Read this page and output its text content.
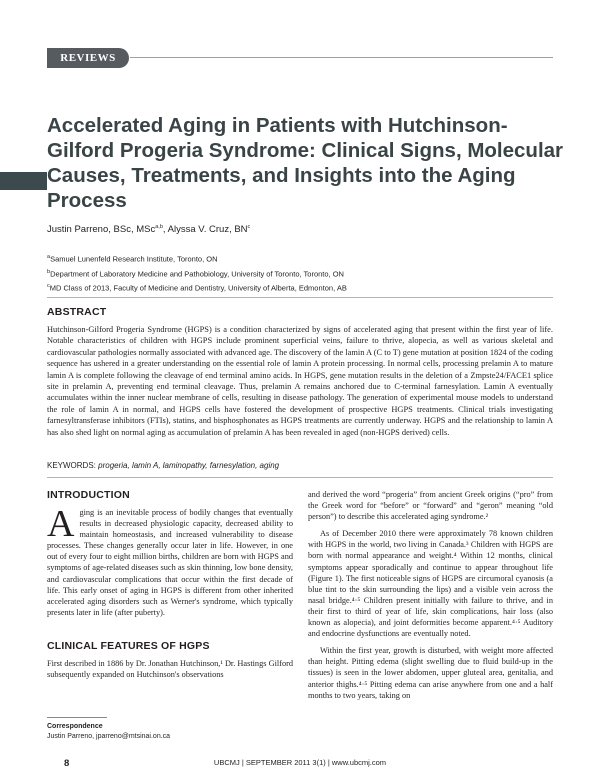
REVIEWS
Accelerated Aging in Patients with Hutchinson-Gilford Progeria Syndrome: Clinical Signs, Molecular Causes, Treatments, and Insights into the Aging Process
Justin Parreno, BSc, MSc$^{a,b}$, Alyssa V. Cruz, $BN^c$
$^a$Samuel Lunenfeld Research Institute, Toronto, ON
$^b$Department of Laboratory Medicine and Pathobiology, University of Toronto, Toronto, ON
$^c$MD Class of 2013, Faculty of Medicine and Dentistry, University of Alberta, Edmonton, AB
ABSTRACT

Hutchinson-Gilford Progeria Syndrome (HGPS) is a condition characterized by signs of accelerated aging that present within the first year of life. Notable characteristics of children with HGPS include prominent superficial veins, failure to thrive, alopecia, as well as various skeletal and cardiovascular pathologies normally associated with advanced age. The discovery of the lamin A (C to T) gene mutation at position 1824 of the coding sequence has ushered in a greater understanding on the essential role of lamin A protein processing. In normal cells, processing prelamin A to mature lamin A is complete following the cleavage of end terminal amino acids. In HGPS, gene mutation results in the deletion of a Zmpste24/FACE1 splice site in prelamin A, preventing end terminal cleavage. Thus, prelamin A remains anchored due to C-terminal farnesylation. Lamin A eventually accumulates within the inner nuclear membrane of cells, resulting in disease pathology. The generation of experimental mouse models to understand the role of lamin A in normal, and HGPS cells have fostered the development of prospective HGPS treatments. Clinical trials investigating farnesyltransferase inhibitors (FTIs), statins, and bisphosphonates as HGPS treatments are currently underway. HGPS and the relationship to lamin A has also shed light on normal aging as accumulation of prelamin A has been revealed in aged (non-HGPS derived) cells.

KEYWORDS: progeria, lamin A, laminopathy, farnesylation, aging
INTRODUCTION

Aging is an inevitable process of bodily changes that eventually results in decreased physiologic capacity, decreased ability to maintain homeostasis, and increased vulnerability to disease processes. These changes generally occur later in life. However, in one out of every four to eight million births, children are born with HGPS and symptoms of age-related diseases such as skin thinning, low bone density, and cardiovascular complications that occur within the first decade of life. This early onset of aging in HGPS is different from other inherited accelerated aging disorders such as Werner's syndrome, which typically presents later in life (after puberty).

CLINICAL FEATURES OF HGPS

First described in 1886 by Dr. Jonathan Hutchinson,¹ Dr. Hastings Gilford subsequently expanded on Hutchinson's observations

Correspondence
Justin Parreno, jparreno@mtsinai.on.ca

and derived the word “progeria” from ancient Greek origins (“pro” from the Greek word for “before” or “forward” and “geron” meaning “old person”) to describe this accelerated aging syndrome.²

As of December 2010 there were approximately 78 known children with HGPS in the world, two living in Canada.³ Children with HGPS are born with normal appearance and weight.⁴ Within 12 months, clinical symptoms appear sporadically and continue to appear throughout life (Figure 1). The first noticeable signs of HGPS are circumoral cyanosis (a blue tint to the skin surrounding the lips) and a visible vein across the nasal bridge.⁴·⁵ Children present initially with failure to thrive, and in their first to third of year of life, skin complications, hair loss (also known as alopecia), and joint deformities become apparent.⁴·⁵ Auditory and endocrine dysfunctions are eventually noted.

Within the first year, growth is disturbed, with weight more affected than height. Pitting edema (slight swelling due to fluid build-up in the tissues) is seen in the lower abdomen, upper gluteal area, genitalia, and anterior thighs.⁴·⁵ Pitting edema can arise anywhere from one and a half months to two years, taking on

8	UBCMJ | SEPTEMBER 2011 3(1) | www.ubcmj.com
